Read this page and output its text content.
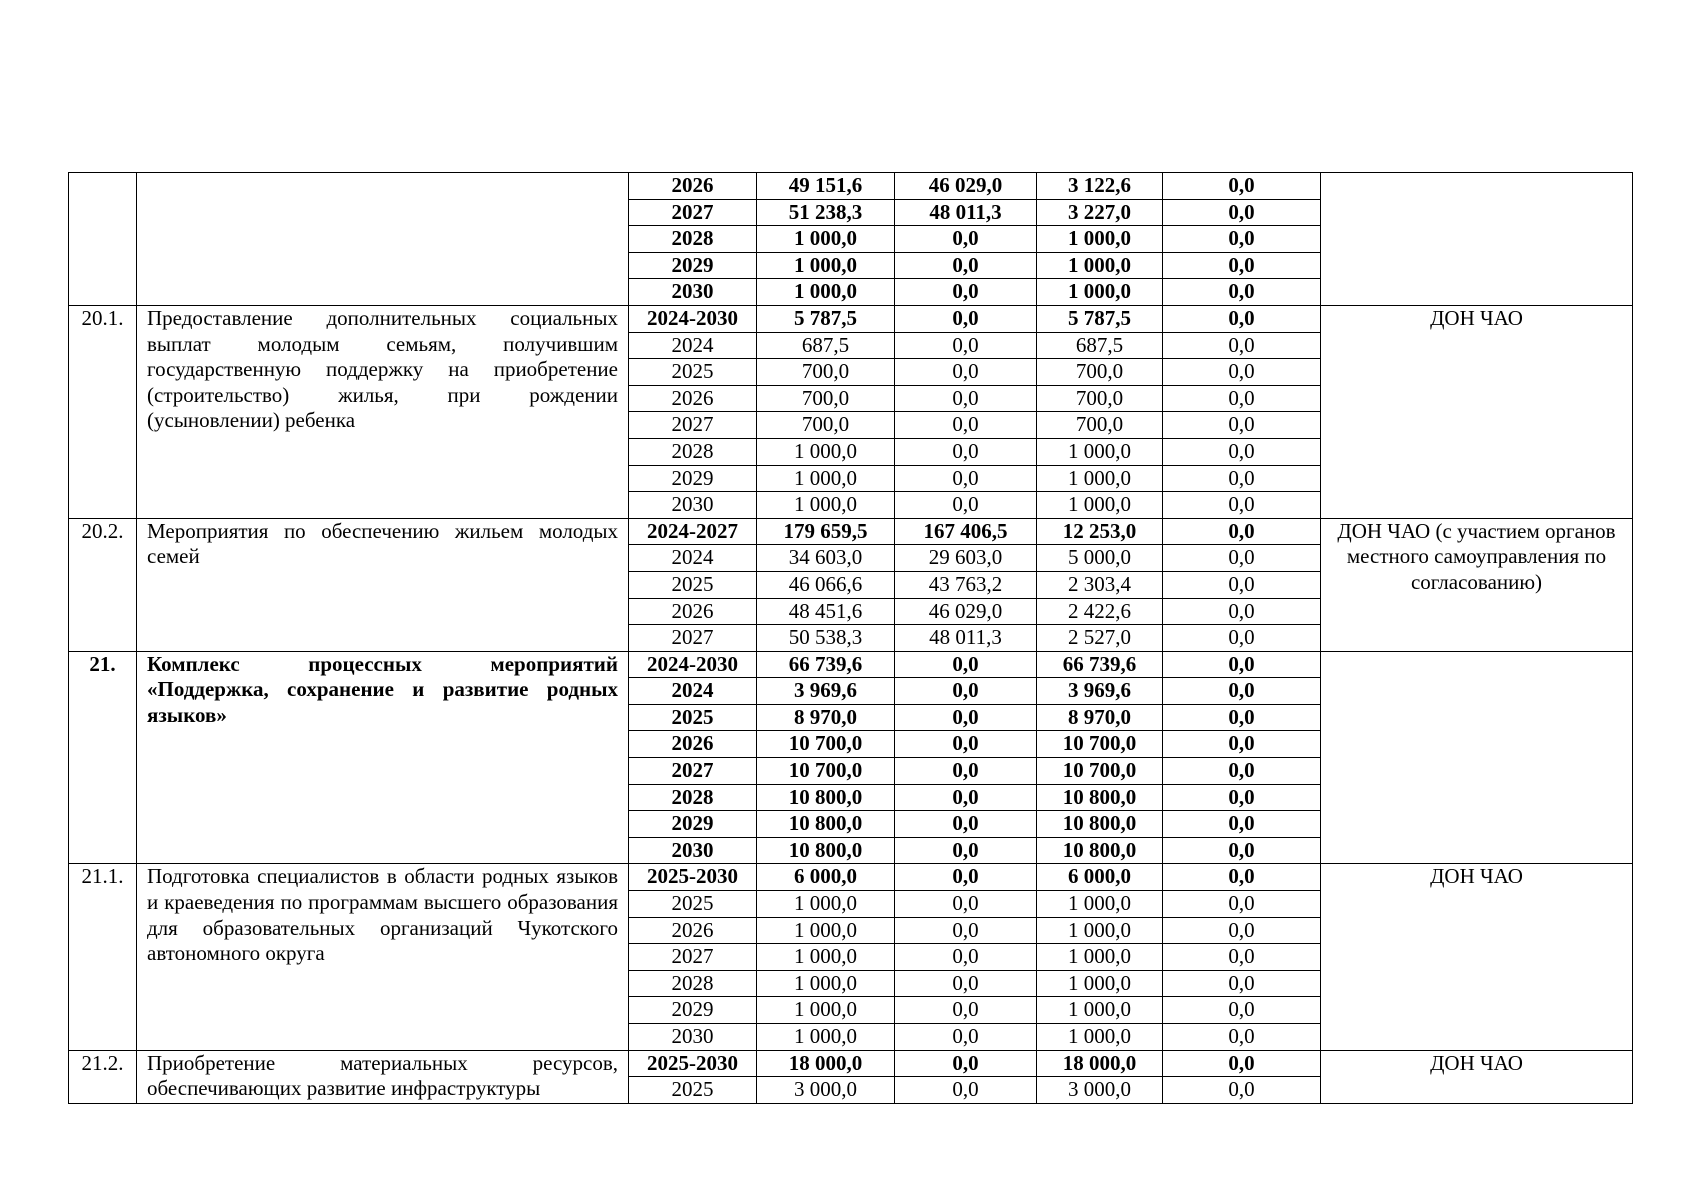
		2026	49 151,6	46 029,0	3 122,6	0,0	
		2027	51 238,3	48 011,3	3 227,0	0,0	
		2028	1 000,0	0,0	1 000,0	0,0	
		2029	1 000,0	0,0	1 000,0	0,0	
		2030	1 000,0	0,0	1 000,0	0,0	
20.1.	Предоставление дополнительных социальных выплат молодым семьям, получившим государственную поддержку на приобретение (строительство) жилья, при рождении (усыновлении) ребенка	2024-2030	5 787,5	0,0	5 787,5	0,0	ДОН ЧАО
		2024	687,5	0,0	687,5	0,0	
		2025	700,0	0,0	700,0	0,0	
		2026	700,0	0,0	700,0	0,0	
		2027	700,0	0,0	700,0	0,0	
		2028	1 000,0	0,0	1 000,0	0,0	
		2029	1 000,0	0,0	1 000,0	0,0	
		2030	1 000,0	0,0	1 000,0	0,0	
20.2.	Мероприятия по обеспечению жильем молодых семей	2024-2027	179 659,5	167 406,5	12 253,0	0,0	ДОН ЧАО (с участием органов местного самоуправления по согласованию)
		2024	34 603,0	29 603,0	5 000,0	0,0	
		2025	46 066,6	43 763,2	2 303,4	0,0	
		2026	48 451,6	46 029,0	2 422,6	0,0	
		2027	50 538,3	48 011,3	2 527,0	0,0	
21.	Комплекс процессных мероприятий «Поддержка, сохранение и развитие родных языков»	2024-2030	66 739,6	0,0	66 739,6	0,0	
		2024	3 969,6	0,0	3 969,6	0,0	
		2025	8 970,0	0,0	8 970,0	0,0	
		2026	10 700,0	0,0	10 700,0	0,0	
		2027	10 700,0	0,0	10 700,0	0,0	
		2028	10 800,0	0,0	10 800,0	0,0	
		2029	10 800,0	0,0	10 800,0	0,0	
		2030	10 800,0	0,0	10 800,0	0,0	
21.1.	Подготовка специалистов в области родных языков и краеведения по программам высшего образования для образовательных организаций Чукотского автономного округа	2025-2030	6 000,0	0,0	6 000,0	0,0	ДОН ЧАО
		2025	1 000,0	0,0	1 000,0	0,0	
		2026	1 000,0	0,0	1 000,0	0,0	
		2027	1 000,0	0,0	1 000,0	0,0	
		2028	1 000,0	0,0	1 000,0	0,0	
		2029	1 000,0	0,0	1 000,0	0,0	
		2030	1 000,0	0,0	1 000,0	0,0	
21.2.	Приобретение материальных ресурсов, обеспечивающих развитие инфраструктуры	2025-2030	18 000,0	0,0	18 000,0	0,0	ДОН ЧАО
		2025	3 000,0	0,0	3 000,0	0,0	
